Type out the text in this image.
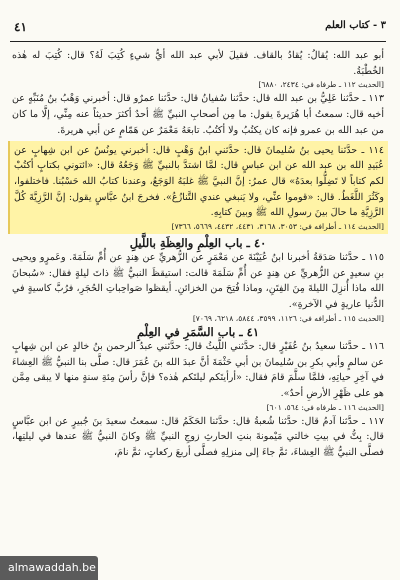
٣ - كتاب العلم
٤١

أبو عبد الله: يُقالُ: يُقادُ بالقاف. فقيلَ لأبي عبد الله أيُّ شيءٍ كُتِبَ لَهُ؟ قال: كُتِبَ له هٰذه الخُطْبَةُ.

[الحديث ١١٢ ـ طرفاه في: ٢٤٣٤، ٦٨٨٠]

١١٣ ـ حدَّثنا عَلِيُّ بن عبد الله قال: حدَّثنا سُفيانُ قال: حدَّثنا عمرٌو قال: أخبرني وَهْبُ بنُ مُنَبِّهٍ عن أخيه قال: سمعتُ أبا هُرَيرةَ يقول: ما مِن أصحابِ النبيِّ ﷺ أحدٌ أكثرَ حديثاً عنه مِنِّي، إلَّا ما كان من عبد الله بن عمرو فإنه كان يكتُبُ ولا أكتُبُ. تابعَهُ مَعْمَرٌ عن هَمّامٍ عن أبي هريرةَ.

١١٤ ـ حدَّثنا يحيى بنُ سُليمانَ قال: حدَّثني ابنُ وَهْبٍ قال: أخبرني يونُسُ عن ابن شِهابٍ عن عُبَيدِ الله بن عبد الله عن ابن عباسٍ قال: لمَّا اشتدَّ بالنبيِّ ﷺ وَجَعُهُ قال: «ائتوني بكتابٍ أكتُبْ لكم كتاباً لا تَضِلُّوا بعدَهُ» قال عمرُ: إنَّ النبيَّ ﷺ غلبَهُ الوَجَعُ، وعندنا كتابُ الله حَسْبُنا. فاختلفوا، وكَثُرَ اللَّغَطُ. قال: «قوموا عنِّي، ولا يَنبغي عندي التَّنازُعُ». فخرجَ ابنُ عبَّاسٍ يقول: إنَّ الرَّزِيَّةَ كُلَّ الرَّزِيَّةِ ما حالَ بينَ رسولِ الله ﷺ وبينَ كتابِهِ.

[الحديث ١١٤ ـ أطرافه في: ٣٠٥٣، ٣١٦٨، ٤٤٣١، ٤٤٣٢، ٥٦٦٩، ٧٣٦٦]

٤٠ ـ باب العِلْمِ والعِظَةِ باللَّيلِ

١١٥ ـ حدَّثنا صَدَقةُ أخبرنا ابنُ عُيَيْنَةَ عن مَعْمَرٍ عن الزُّهريِّ عن هِندٍ عن أُمِّ سَلَمَةَ. وعَمرٍو ويحيى بنِ سعيدٍ عن الزُّهريِّ عن هِندٍ عن أُمِّ سَلَمَةَ قالت: استيقظَ النبيُّ ﷺ ذاتَ ليلةٍ فقال: «سُبحانَ الله ماذا أُنزِلَ الليلةَ مِنَ الفِتَنِ، وماذا فُتِحَ من الخزائنِ. أيقظوا صَواحِباتِ الحُجَرِ، فرُبَّ كاسيةٍ في الدُّنيا عاريةٍ في الآخرةِ».

[الحديث ١١٥ ـ أطرافه في: ١١٢٦، ٣٥٩٩، ٥٨٤٤، ٦٢١٨، ٧٠٦٩]

٤١ ـ باب السَّمَرِ في العِلْمِ

١١٦ ـ حدَّثنا سعيدُ بنُ عُفَيْرٍ قال: حدَّثني اللَّيثُ قال: حدَّثني عبدُ الرحمن بنُ خالدٍ عن ابن شِهابٍ عن سالمٍ وأبي بكرِ بن سُليمانَ بن أبي حَثْمَةَ أنَّ عبدَ الله بنَ عُمَرَ قال: صلَّى بنا النبيُّ ﷺ العِشاءَ في آخِرِ حياتِهِ، فلمَّا سلَّمَ قامَ فقال: «أرأيتَكم ليلتَكم هٰذه؟ فإنَّ رأسَ مِئةِ سنةٍ منها لا يبقى مِمَّن هو على ظَهْرِ الأرضِ أحدٌ».

[الحديث ١١٦ ـ طرفاه في: ٥٦٤، ٦٠١]

١١٧ ـ حدَّثنا آدمُ قال: حدَّثنا شُعبةُ قال: حدَّثنا الحَكَمُ قال: سمعتُ سعيدَ بنَ جُبيرٍ عن ابن عبَّاسٍ قال: بِتُّ في بيتِ خالتي مَيْمونةَ بنتِ الحارثِ زوجِ النبيِّ ﷺ وكانَ النبيُّ ﷺ عندها في ليلتِها، فصلَّى النبيُّ ﷺ العِشاءَ، ثمَّ جاءَ إلى منزلِهِ فصلَّى أربعَ ركعاتٍ، ثمَّ نامَ،

almawaddah.be
